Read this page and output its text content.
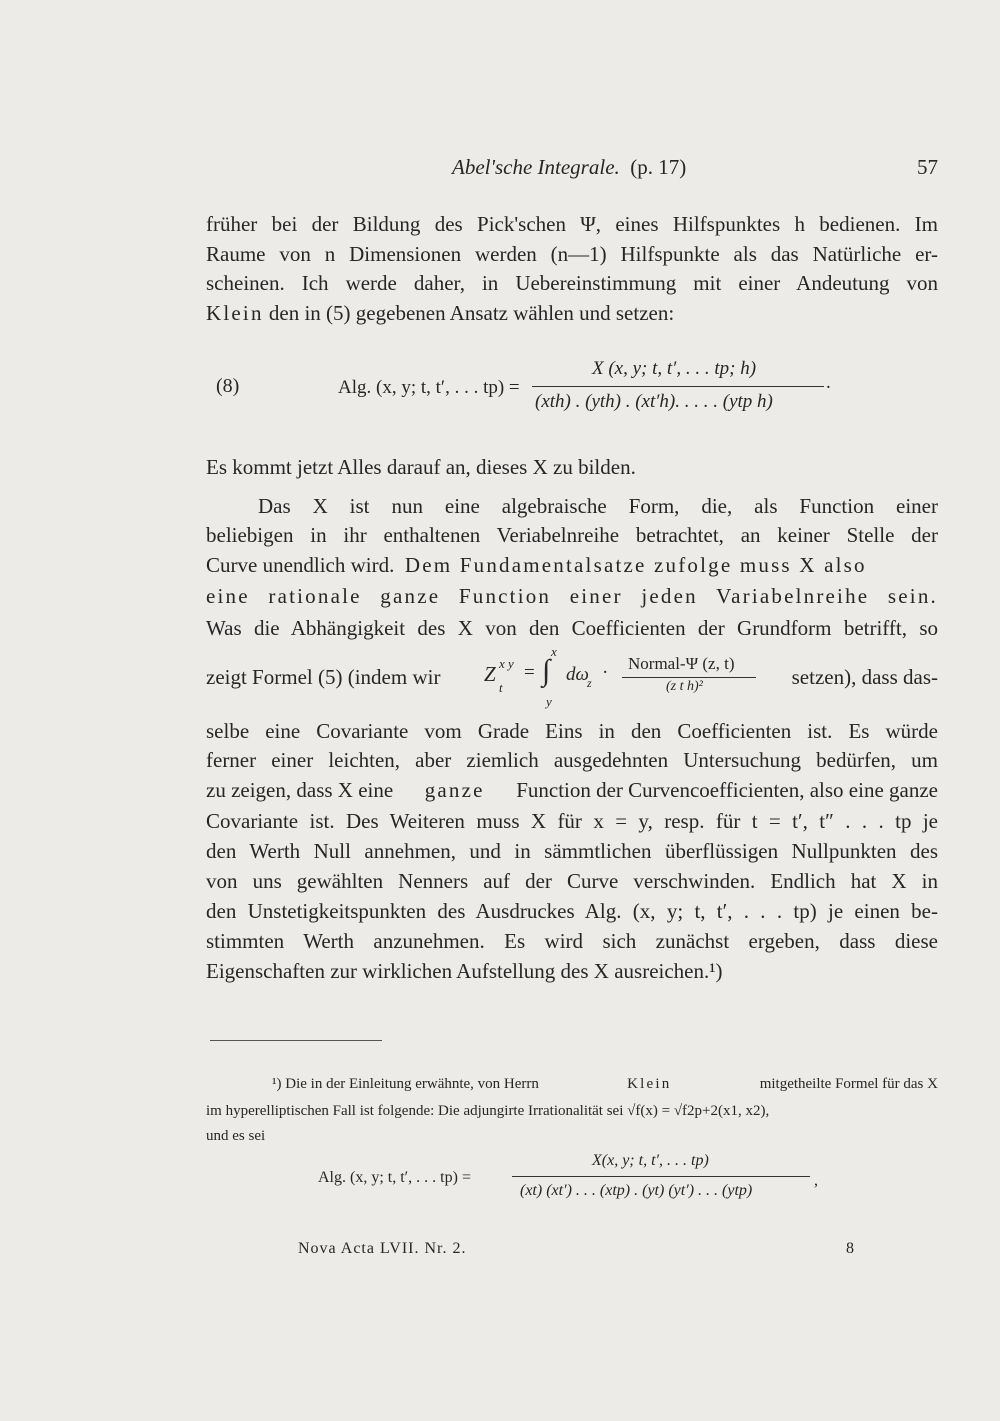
Abel'sche Integrale. (p. 17)	57
früher bei der Bildung des Pick'schen Ψ, eines Hilfspunktes h bedienen. Im
Raume von n Dimensionen werden (n—1) Hilfspunkte als das Natürliche er-
scheinen. Ich werde daher, in Uebereinstimmung mit einer Andeutung von
Klein den in (5) gegebenen Ansatz wählen und setzen:
(8)	Alg. (x, y; t, t′, . . . tp) =
X (x, y; t, t′, . . . tp; h)
(xth) . (yth) . (xt′h). . . . . (ytp h)
.
Es kommt jetzt Alles darauf an, dieses X zu bilden.
Das X ist nun eine algebraische Form, die, als Function einer
beliebigen in ihr enthaltenen Veriabelnreihe betrachtet, an keiner Stelle der
Curve unendlich wird. Dem Fundamentalsatze zufolge muss X also
eine rationale ganze Function einer jeden Variabelnreihe sein.
Was die Abhängigkeit des X von den Coefficienten der Grundform betrifft, so
zeigt Formel (5) (indem wir Z x y
t
=
x
∫
y
dω
z · Normal-Ψ (z, t)
(z t h)²	setzen), dass das-
selbe eine Covariante vom Grade Eins in den Coefficienten ist. Es würde
ferner einer leichten, aber ziemlich ausgedehnten Untersuchung bedürfen, um
zu zeigen, dass X eine ganze Function der Curvencoefficienten, also eine ganze
Covariante ist. Des Weiteren muss X für x = y, resp. für t = t′, t″ . . . tp je
den Werth Null annehmen, und in sämmtlichen überflüssigen Nullpunkten des
von uns gewählten Nenners auf der Curve verschwinden. Endlich hat X in
den Unstetigkeitspunkten des Ausdruckes Alg. (x, y; t, t′, . . . tp) je einen be-
stimmten Werth anzunehmen. Es wird sich zunächst ergeben, dass diese
Eigenschaften zur wirklichen Aufstellung des X ausreichen.¹)
¹) Die in der Einleitung erwähnte, von Herrn	Klein	mitgetheilte Formel für das X
im hyperelliptischen Fall ist folgende: Die adjungirte Irrationalität sei √f(x) = √f2p+2(x1, x2),
und es sei
Alg. (x, y; t, t′, . . . tp) =
X(x, y; t, t′, . . . tp)
(xt) (xt′) . . . (xtp) . (yt) (yt′) . . . (ytp)
,
Nova Acta LVII. Nr. 2.	8
